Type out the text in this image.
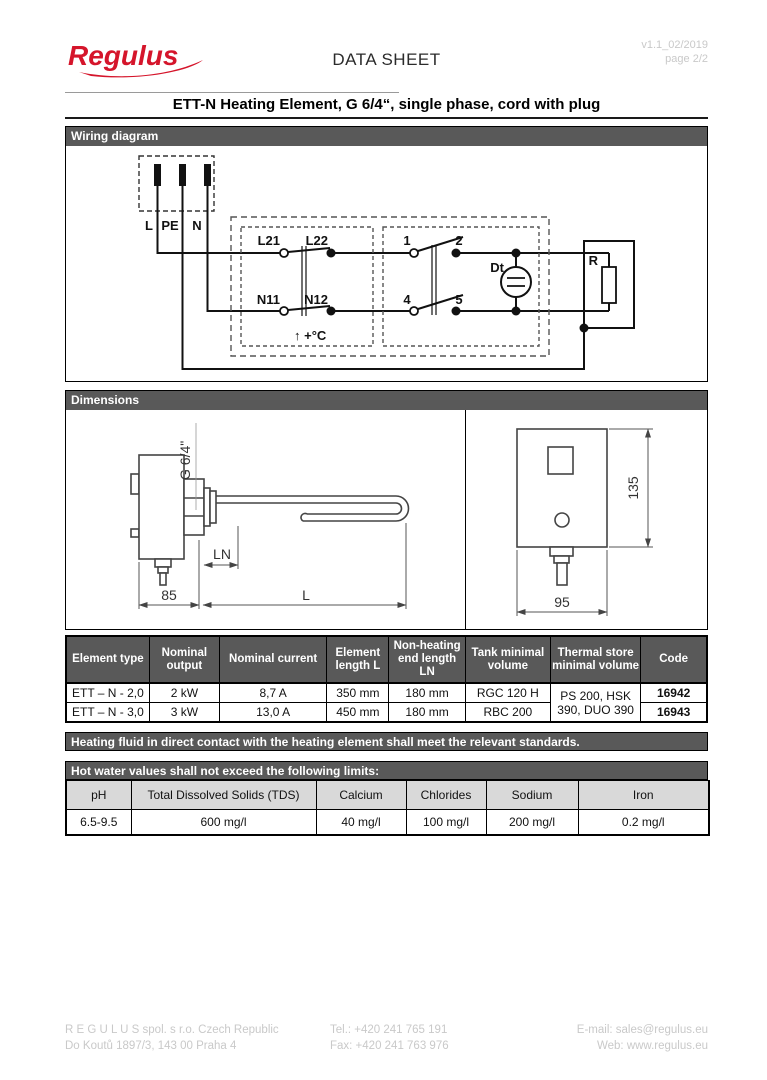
Regulus	DATA SHEET
v1.1_02/2019
page 2/2
ETT-N Heating Element, G 6/4“, single phase, cord with plug
Wiring diagram
L PE N
L21 L22
N11 N12
1	2
4	5
↑ +°C
Dt	R
Dimensions
G 6/4"
85	L
LN
135
95
Element type	Nominal output	Nominal current	Element length L	Non-heating end length LN	Tank minimal volume	Thermal store minimal volume	Code
ETT – N - 2,0	2 kW	8,7 A	350 mm	180 mm	RGC 120 H	PS 200, HSK 390, DUO 390	16942
ETT – N - 3,0	3 kW	13,0 A	450 mm	180 mm	RBC 200		16943
Heating fluid in direct contact with the heating element shall meet the relevant standards.
Hot water values shall not exceed the following limits:
pH	Total Dissolved Solids (TDS)	Calcium	Chlorides	Sodium	Iron
6.5-9.5	600 mg/l	40 mg/l	100 mg/l	200 mg/l	0.2 mg/l
R E G U L U S spol. s r.o. Czech Republic
Do Koutů 1897/3, 143 00 Praha 4
Tel.: +420 241 765 191
Fax: +420 241 763 976
E-mail: sales@regulus.eu
Web: www.regulus.eu
